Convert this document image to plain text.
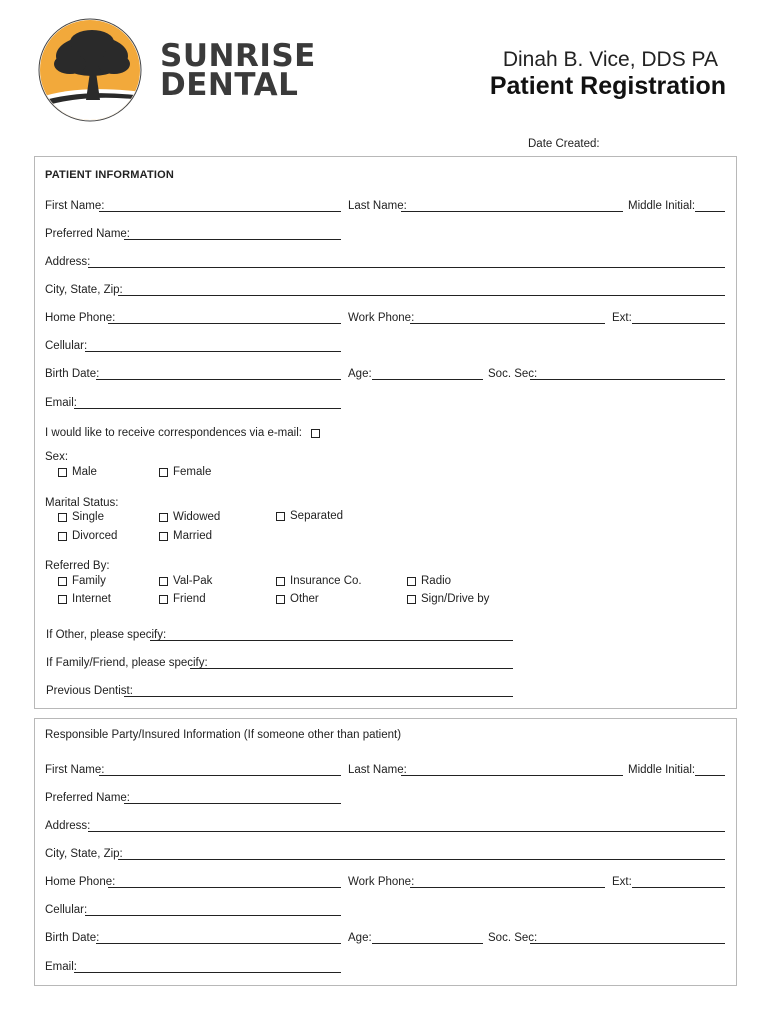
SUNRISE
DENTAL
Dinah B. Vice, DDS PA
Patient Registration
Date Created:
PATIENT INFORMATION
First Name:	Last Name:	Middle Initial:
Preferred Name:
Address:
City, State, Zip:
Home Phone:	Work Phone:	Ext:
Cellular:
Birth Date:	Age:	Soc. Sec:
Email:
I would like to receive correspondences via e-mail:
Sex:
Male	Female
Marital Status:
Single	Widowed	Separated
Divorced	Married
Referred By:
Family	Val-Pak	Insurance Co.	Radio
Internet	Friend	Other	Sign/Drive by
If Other, please specify:
If Family/Friend, please specify:
Previous Dentist:
Responsible Party/Insured Information (If someone other than patient)
First Name:	Last Name:	Middle Initial:
Preferred Name:
Address:
City, State, Zip:
Home Phone:	Work Phone:	Ext:
Cellular:
Birth Date:	Age:	Soc. Sec:
Email:
